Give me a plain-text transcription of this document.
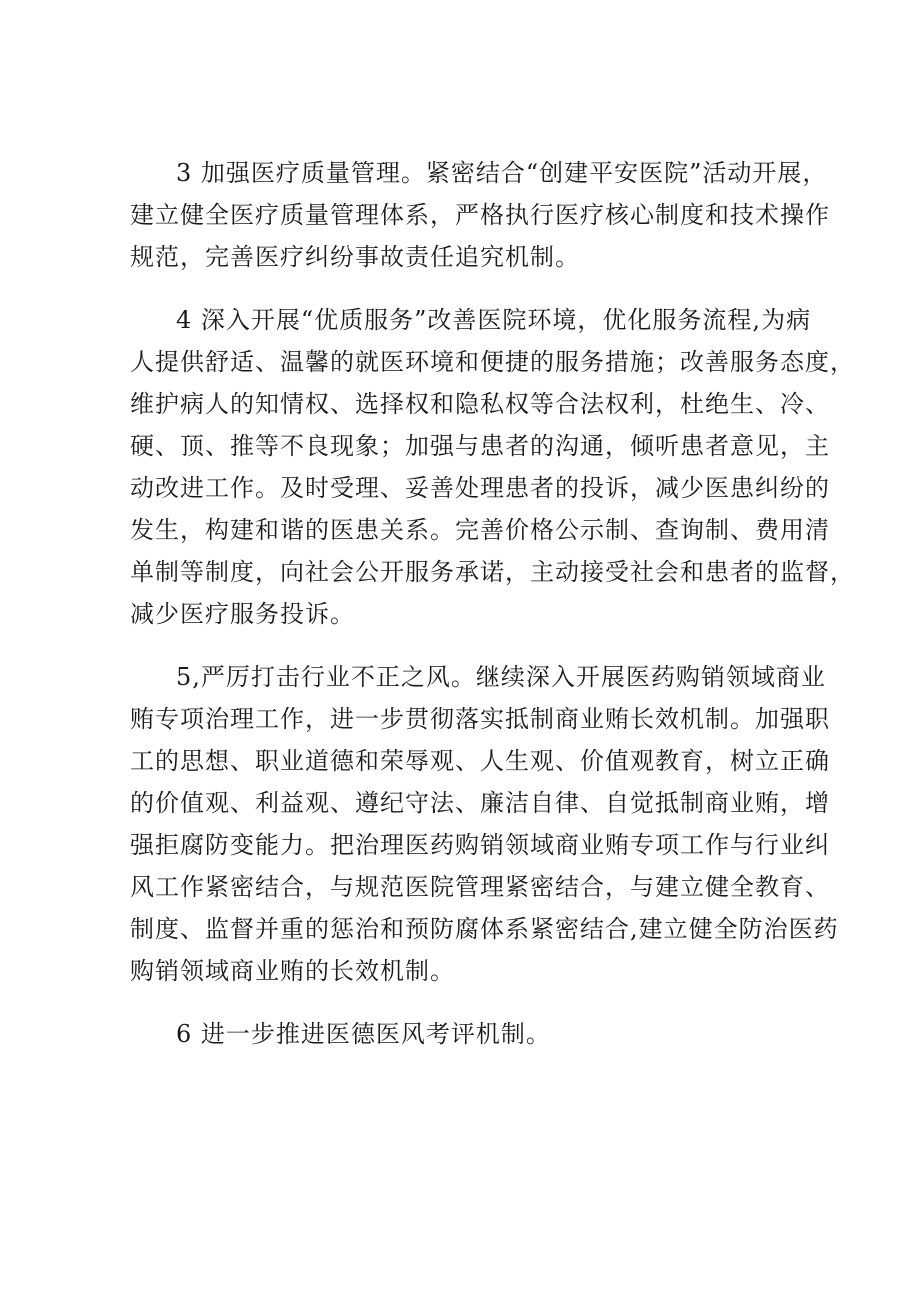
3 加强医疗质量管理。紧密结合“创建平安医院”活动开展，
建立健全医疗质量管理体系，严格执行医疗核心制度和技术操作
规范，完善医疗纠纷事故责任追究机制。

4 深入开展“优质服务”改善医院环境，优化服务流程,为病
人提供舒适、温馨的就医环境和便捷的服务措施；改善服务态度，
维护病人的知情权、选择权和隐私权等合法权利，杜绝生、冷、
硬、顶、推等不良现象；加强与患者的沟通，倾听患者意见，主
动改进工作。及时受理、妥善处理患者的投诉，减少医患纠纷的
发生，构建和谐的医患关系。完善价格公示制、查询制、费用清
单制等制度，向社会公开服务承诺，主动接受社会和患者的监督，
减少医疗服务投诉。

5,严厉打击行业不正之风。继续深入开展医药购销领域商业
贿专项治理工作，进一步贯彻落实抵制商业贿长效机制。加强职
工的思想、职业道德和荣辱观、人生观、价值观教育，树立正确
的价值观、利益观、遵纪守法、廉洁自律、自觉抵制商业贿，增
强拒腐防变能力。把治理医药购销领域商业贿专项工作与行业纠
风工作紧密结合，与规范医院管理紧密结合，与建立健全教育、
制度、监督并重的惩治和预防腐体系紧密结合,建立健全防治医药
购销领域商业贿的长效机制。

6 进一步推进医德医风考评机制。
